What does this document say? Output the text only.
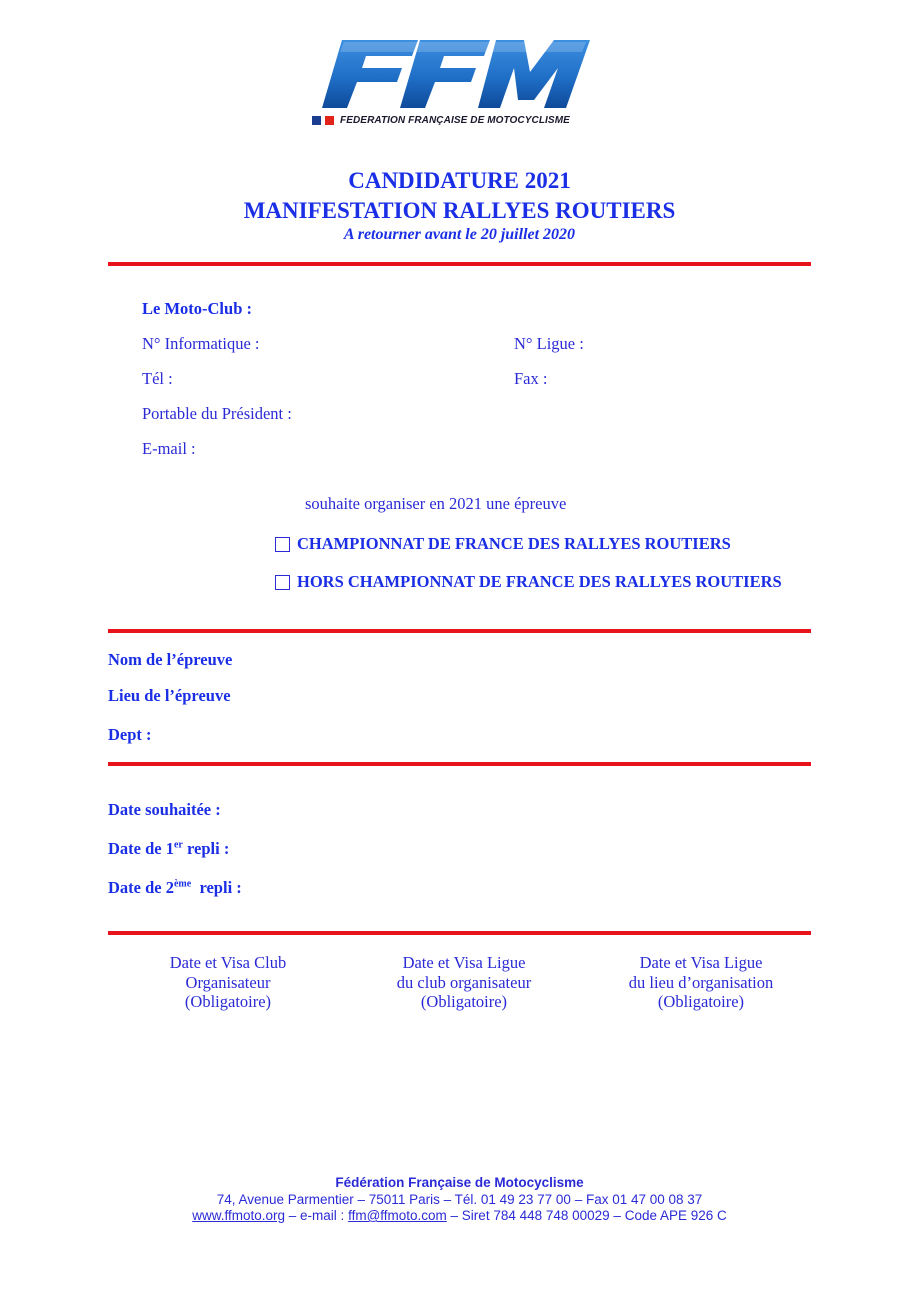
FEDERATION FRANÇAISE DE MOTOCYCLISME
CANDIDATURE 2021
MANIFESTATION RALLYES ROUTIERS
A retourner avant le 20 juillet 2020
Le Moto-Club :
N° Informatique :	N° Ligue :
Tél :	Fax :
Portable du Président :
E-mail :
souhaite organiser en 2021 une épreuve
CHAMPIONNAT DE FRANCE DES RALLYES ROUTIERS
HORS CHAMPIONNAT DE FRANCE DES RALLYES ROUTIERS
Nom de l’épreuve
Lieu de l’épreuve
Dept :
Date souhaitée :
Date de 1er repli :
Date de 2ème  repli :
Date et Visa Club
Organisateur
(Obligatoire)
Date et Visa Ligue
du club organisateur
(Obligatoire)
Date et Visa Ligue
du lieu d’organisation
(Obligatoire)
Fédération Française de Motocyclisme
74, Avenue Parmentier – 75011 Paris – Tél. 01 49 23 77 00 – Fax 01 47 00 08 37
www.ffmoto.org – e-mail : ffm@ffmoto.com – Siret 784 448 748 00029 – Code APE 926 C
